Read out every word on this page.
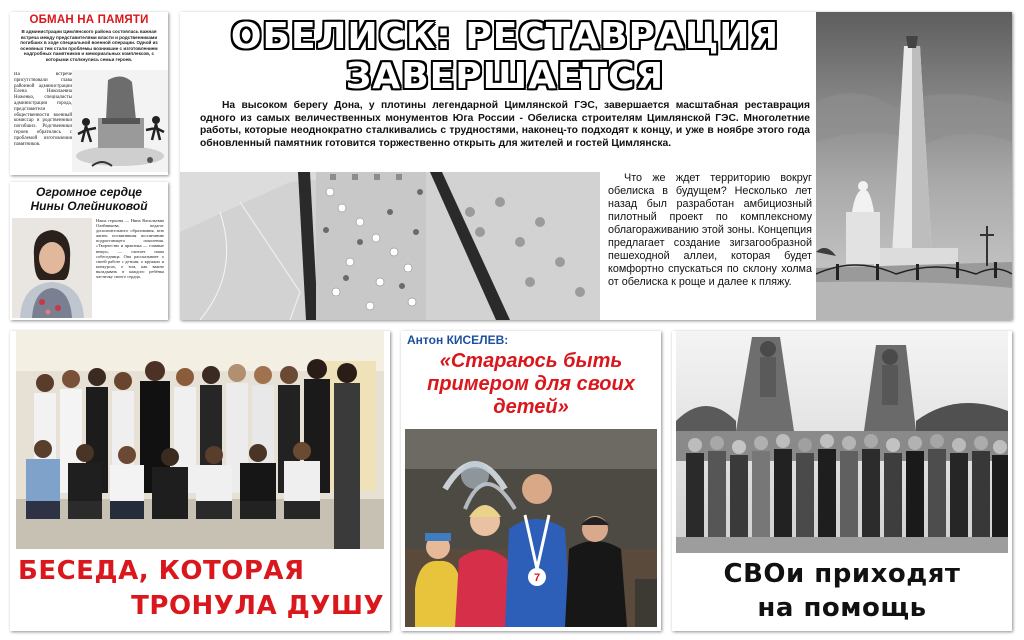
ОБМАН НА ПАМЯТИ
В администрации Цимлянского района состоялась важная встреча между представителями власти и родственниками погибших в ходе специальной военной операции. Одной из основных тем стали проблемы возникшие с изготовлением надгробных памятников и мемориальных комплексов, с которыми столкнулись семьи героев.
На встрече присутствовали глава районной администрации Елена Николаевна Ноженко, специалисты администрации города, представители общественности военный комиссар и родственники погибших. Родственники героев обратились с проблемой изготовления памятников.
Огромное сердце
Нины Олейниковой
Наша героиня — Нина Васильевна Олейникова, педагог дополнительного образования, всю жизнь посвятившая воспитанию подрастающего поколения. «Творчество и практика — главные вещи», — считает наша собеседница. Она рассказывает о своей работе с детьми, о кружках и конкурсах, о том, как важно вкладывать в каждого ребёнка частичку своего сердца.
ОБЕЛИСК: РЕСТАВРАЦИЯ
ЗАВЕРШАЕТСЯ
На высоком берегу Дона, у плотины легендарной Цимлянской ГЭС, завершается масштабная реставрация одного из самых величественных монументов Юга России - Обелиска строителям Цимлянской ГЭС. Многолетние работы, которые неоднократно сталкивались с трудностями, наконец-то подходят к концу, и уже в ноябре этого года обновленный памятник готовится торжественно открыть для жителей и гостей Цимлянска.
Что же ждет территорию вокруг обелиска в будущем? Несколько лет назад был разработан амбициозный пилотный проект по комплексному облагораживанию этой зоны. Концепция предлагает создание зигзагообразной пешеходной аллеи, которая будет комфортно спускаться по склону холма от обелиска к роще и далее к пляжу.
БЕСЕДА, КОТОРАЯ
ТРОНУЛА ДУШУ
Антон КИСЕЛЕВ:
«Стараюсь быть
примером для своих
детей»
7	СВОи приходят
на помощь
